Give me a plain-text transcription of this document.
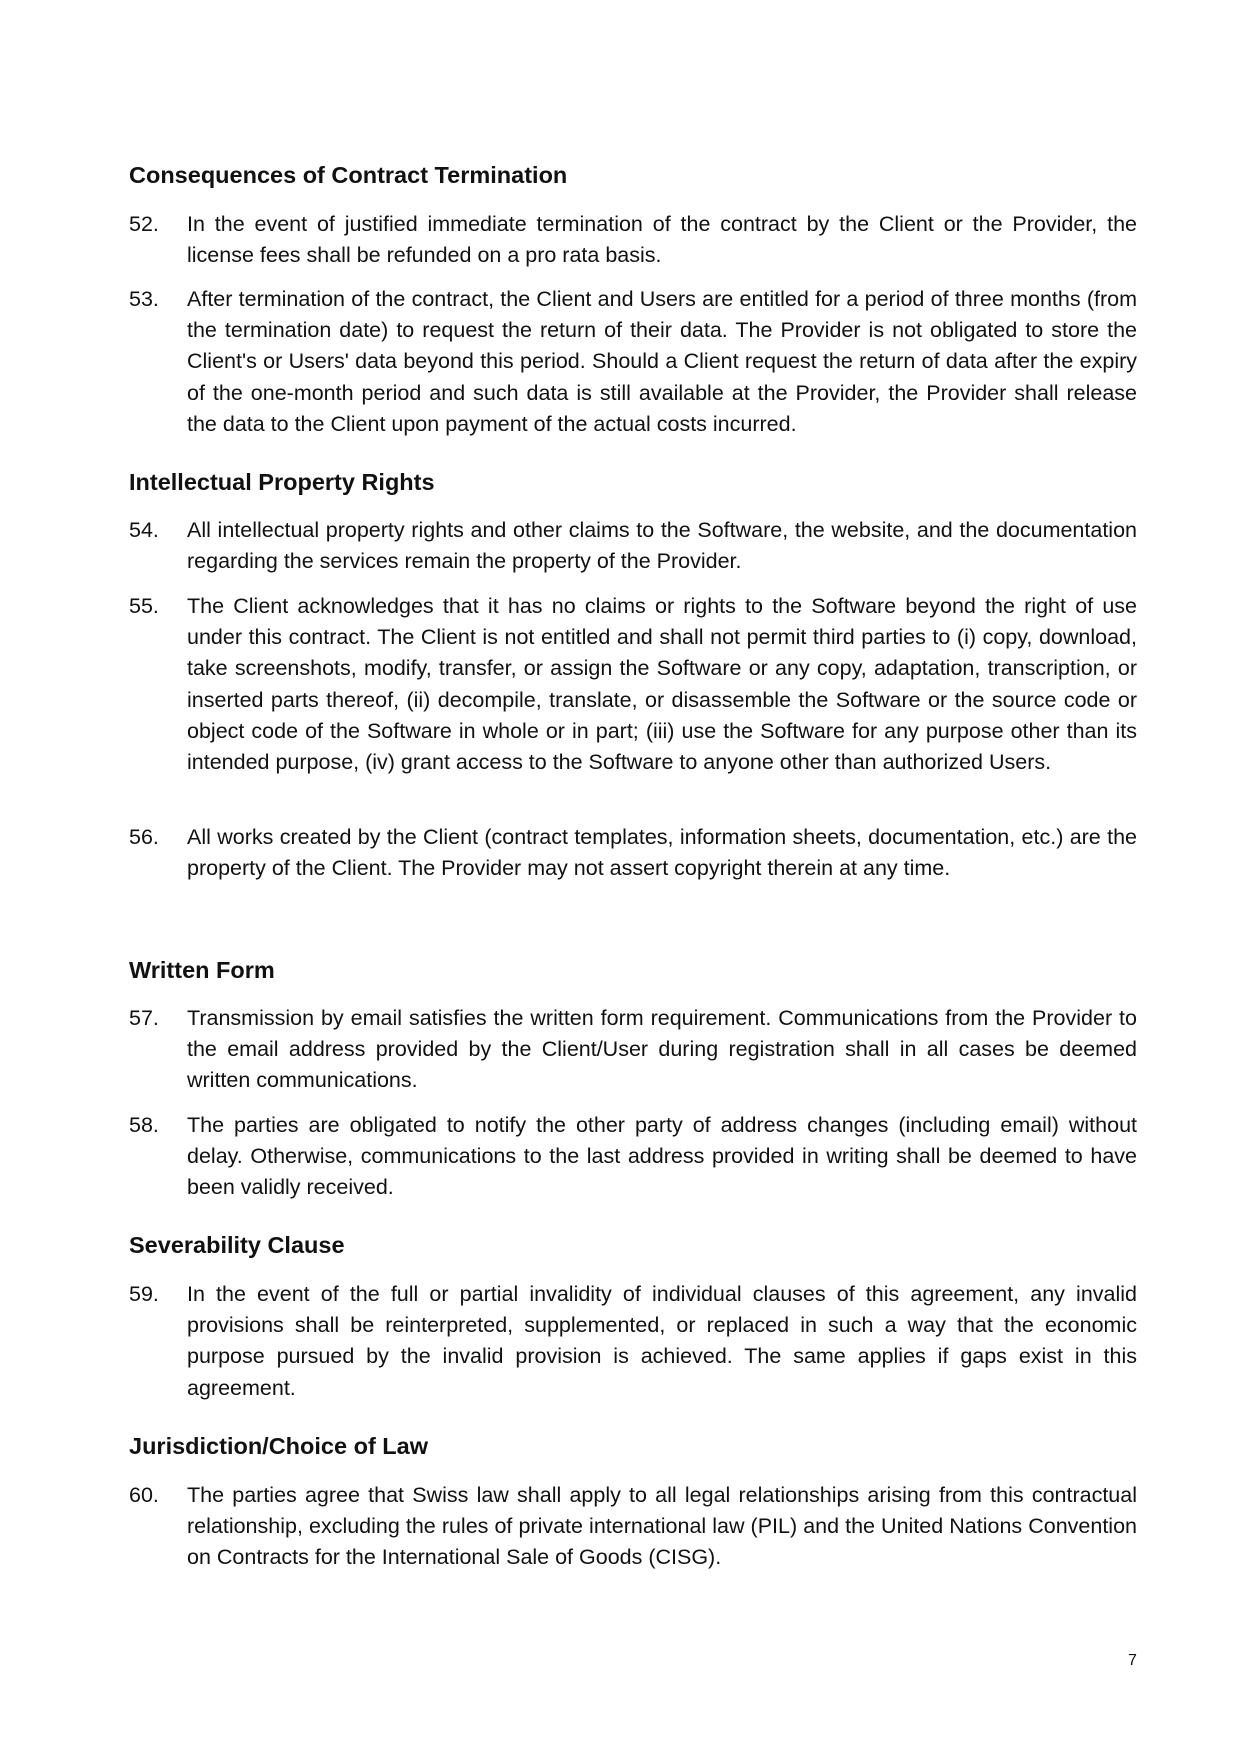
Consequences of Contract Termination
52. In the event of justified immediate termination of the contract by the Client or the Provider, the license fees shall be refunded on a pro rata basis.
53. After termination of the contract, the Client and Users are entitled for a period of three months (from the termination date) to request the return of their data. The Provider is not obligated to store the Client's or Users' data beyond this period. Should a Client request the return of data after the expiry of the one-month period and such data is still available at the Provider, the Provider shall release the data to the Client upon payment of the actual costs incurred.
Intellectual Property Rights
54. All intellectual property rights and other claims to the Software, the website, and the documentation regarding the services remain the property of the Provider.
55. The Client acknowledges that it has no claims or rights to the Software beyond the right of use under this contract. The Client is not entitled and shall not permit third parties to (i) copy, download, take screenshots, modify, transfer, or assign the Software or any copy, adaptation, transcription, or inserted parts thereof, (ii) decompile, translate, or disassemble the Software or the source code or object code of the Software in whole or in part; (iii) use the Software for any purpose other than its intended purpose, (iv) grant access to the Software to anyone other than authorized Users.
56. All works created by the Client (contract templates, information sheets, documentation, etc.) are the property of the Client. The Provider may not assert copyright therein at any time.
Written Form
57. Transmission by email satisfies the written form requirement. Communications from the Provider to the email address provided by the Client/User during registration shall in all cases be deemed written communications.
58. The parties are obligated to notify the other party of address changes (including email) without delay. Otherwise, communications to the last address provided in writing shall be deemed to have been validly received.
Severability Clause
59. In the event of the full or partial invalidity of individual clauses of this agreement, any invalid provisions shall be reinterpreted, supplemented, or replaced in such a way that the economic purpose pursued by the invalid provision is achieved. The same applies if gaps exist in this agreement.
Jurisdiction/Choice of Law
60. The parties agree that Swiss law shall apply to all legal relationships arising from this contractual relationship, excluding the rules of private international law (PIL) and the United Nations Convention on Contracts for the International Sale of Goods (CISG).
7
